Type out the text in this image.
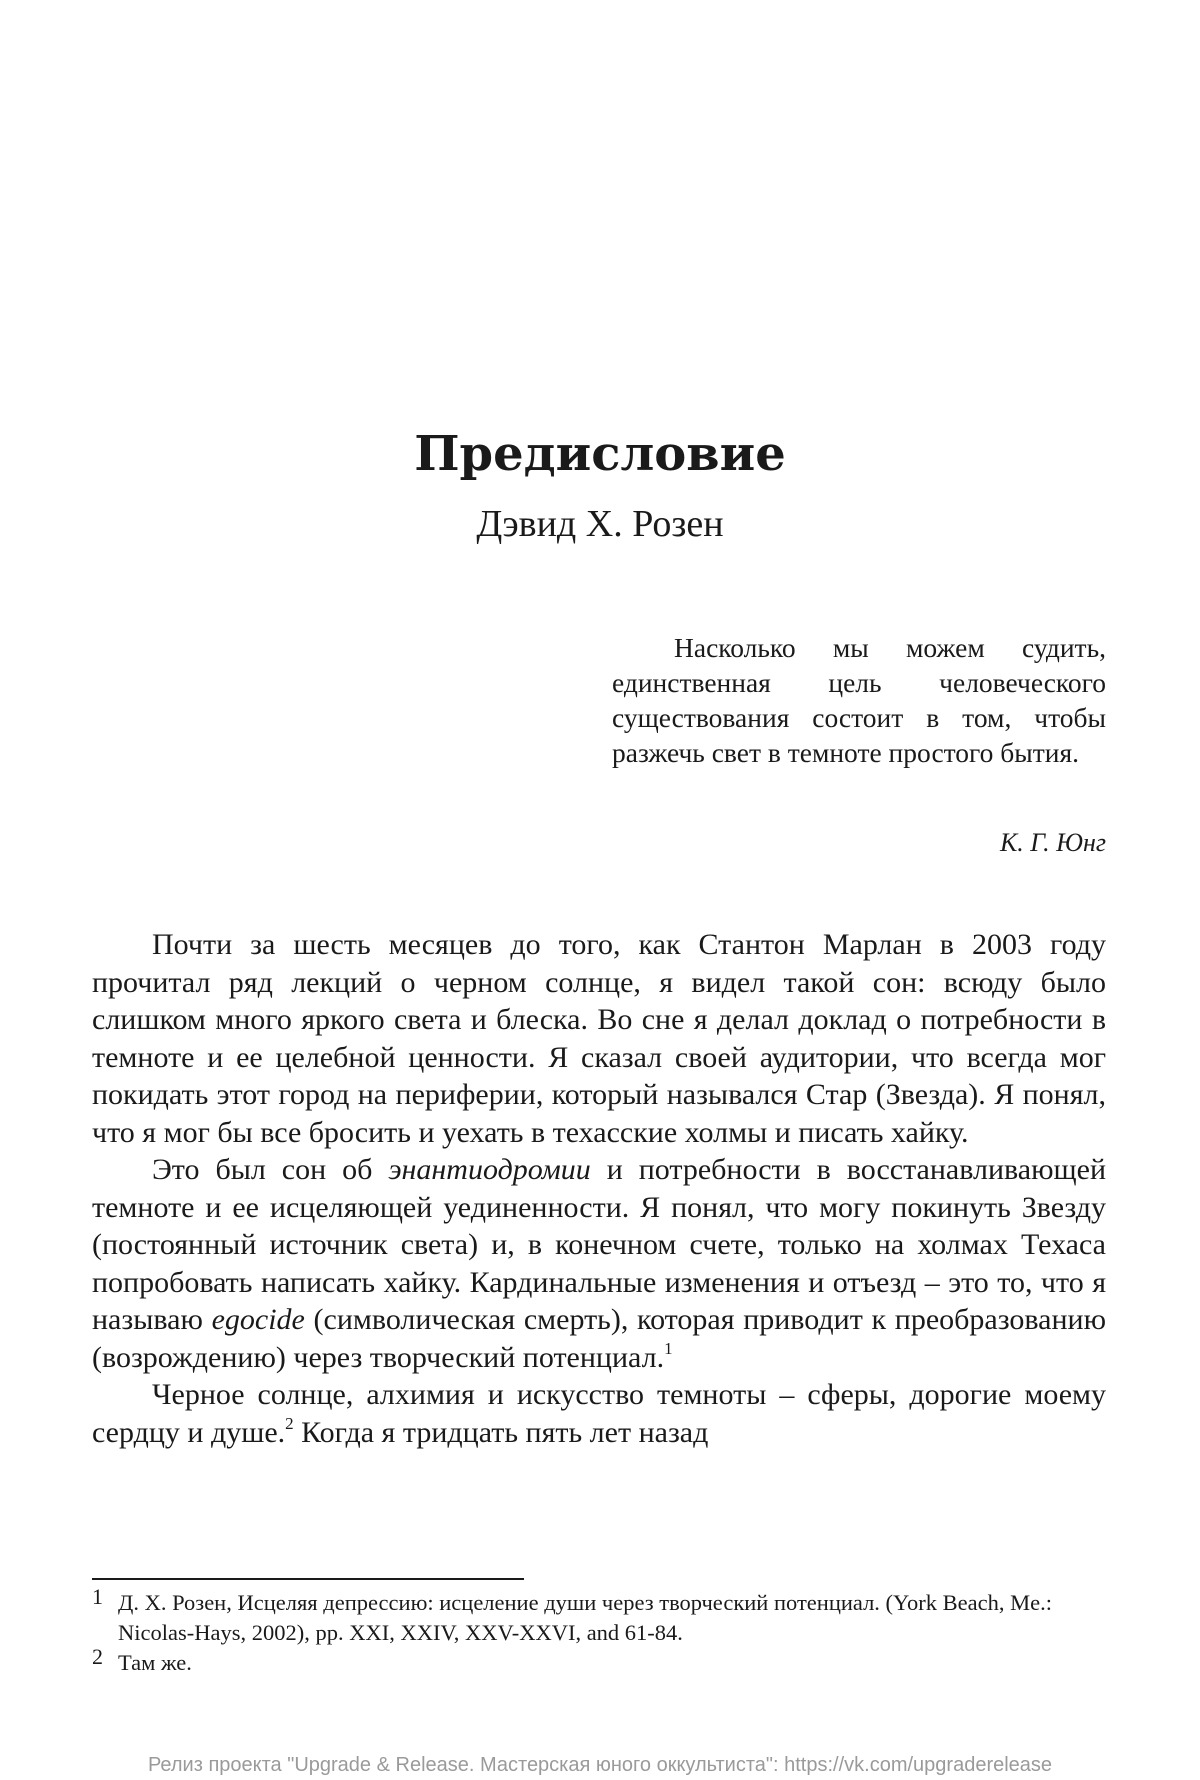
Предисловие
Дэвид Х. Розен

Насколько мы можем судить, единственная цель человеческого существования состоит в том, чтобы разжечь свет в темноте простого бытия.

К. Г. Юнг

Почти за шесть месяцев до того, как Стантон Марлан в 2003 году прочитал ряд лекций о черном солнце, я видел такой сон: всюду было слишком много яркого света и блеска. Во сне я делал доклад о потребности в темноте и ее целебной ценности. Я сказал своей аудитории, что всегда мог покидать этот город на периферии, который назывался Стар (Звезда). Я понял, что я мог бы все бросить и уехать в техасские холмы и писать хайку.

Это был сон об энантиодромии и потребности в восстанавливающей темноте и ее исцеляющей уединенности. Я понял, что могу покинуть Звезду (постоянный источник света) и, в конечном счете, только на холмах Техаса попробовать написать хайку. Кардинальные изменения и отъезд – это то, что я называю egocide (символическая смерть), которая приводит к преобразованию (возрождению) через творческий потенциал.$^1$

Черное солнце, алхимия и искусство темноты – сферы, дорогие моему сердцу и душе.$^2$ Когда я тридцать пять лет назад

1 Д. Х. Розен, Исцеляя депрессию: исцеление души через творческий потенциал. (York Beach, Me.: Nicolas-Hays, 2002), pp. XXI, XXIV, XXV-XXVI, and 61-84.
2 Там же.
Релиз проекта "Upgrade & Release. Мастерская юного оккультиста": https://vk.com/upgraderelease
